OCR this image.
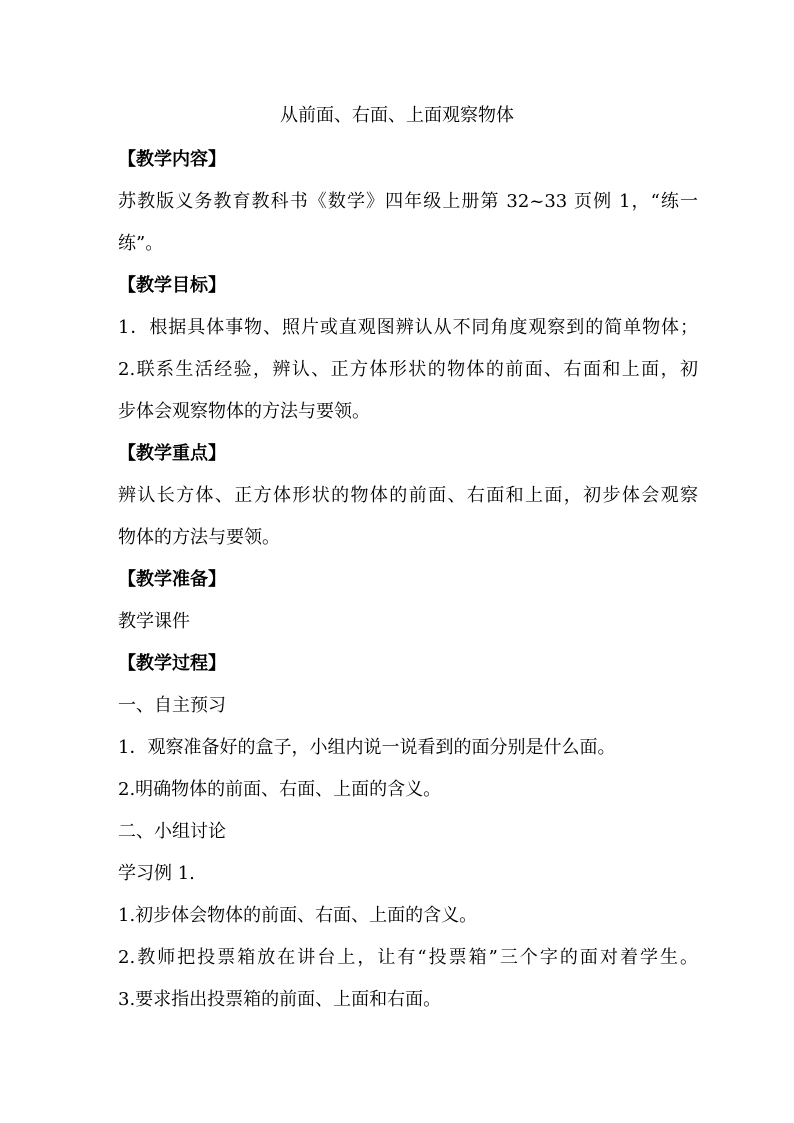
从前面、右面、上面观察物体
【教学内容】
苏教版义务教育教科书《数学》四年级上册第 32~33 页例 1，“练一
练”。
【教学目标】
1．根据具体事物、照片或直观图辨认从不同角度观察到的简单物体；
2.联系生活经验，辨认、正方体形状的物体的前面、右面和上面，初
步体会观察物体的方法与要领。
【教学重点】
辨认长方体、正方体形状的物体的前面、右面和上面，初步体会观察
物体的方法与要领。
【教学准备】
教学课件
【教学过程】
一、自主预习
1．观察准备好的盒子，小组内说一说看到的面分别是什么面。
2.明确物体的前面、右面、上面的含义。
二、小组讨论
学习例 1.
1.初步体会物体的前面、右面、上面的含义。
2.教师把投票箱放在讲台上，让有“投票箱”三个字的面对着学生。
3.要求指出投票箱的前面、上面和右面。
